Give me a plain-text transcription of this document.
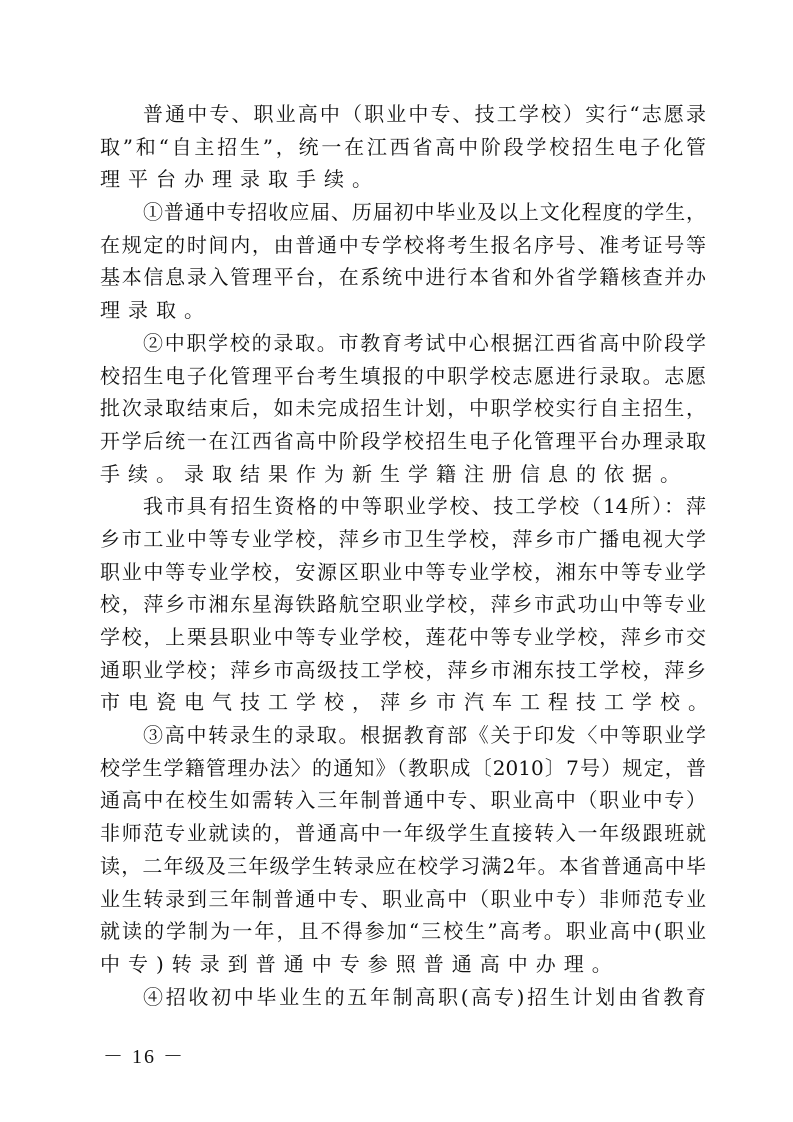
普通中专、职业高中（职业中专、技工学校）实行“志愿录
取”和“自主招生”，统一在江西省高中阶段学校招生电子化管
理平台办理录取手续。
①普通中专招收应届、历届初中毕业及以上文化程度的学生，
在规定的时间内，由普通中专学校将考生报名序号、准考证号等
基本信息录入管理平台，在系统中进行本省和外省学籍核查并办
理录取。
②中职学校的录取。市教育考试中心根据江西省高中阶段学
校招生电子化管理平台考生填报的中职学校志愿进行录取。志愿
批次录取结束后，如未完成招生计划，中职学校实行自主招生，
开学后统一在江西省高中阶段学校招生电子化管理平台办理录取
手续。录取结果作为新生学籍注册信息的依据。
我市具有招生资格的中等职业学校、技工学校（14所）：萍
乡市工业中等专业学校，萍乡市卫生学校，萍乡市广播电视大学
职业中等专业学校，安源区职业中等专业学校，湘东中等专业学
校，萍乡市湘东星海铁路航空职业学校，萍乡市武功山中等专业
学校，上栗县职业中等专业学校，莲花中等专业学校，萍乡市交
通职业学校；萍乡市高级技工学校，萍乡市湘东技工学校，萍乡
市电瓷电气技工学校，萍乡市汽车工程技工学校。
③高中转录生的录取。根据教育部《关于印发〈中等职业学
校学生学籍管理办法〉的通知》（教职成〔2010〕7号）规定，普
通高中在校生如需转入三年制普通中专、职业高中（职业中专）
非师范专业就读的，普通高中一年级学生直接转入一年级跟班就
读，二年级及三年级学生转录应在校学习满2年。本省普通高中毕
业生转录到三年制普通中专、职业高中（职业中专）非师范专业
就读的学制为一年，且不得参加“三校生”高考。职业高中(职业
中专)转录到普通中专参照普通高中办理。
④招收初中毕业生的五年制高职(高专)招生计划由省教育
－ 16 －
